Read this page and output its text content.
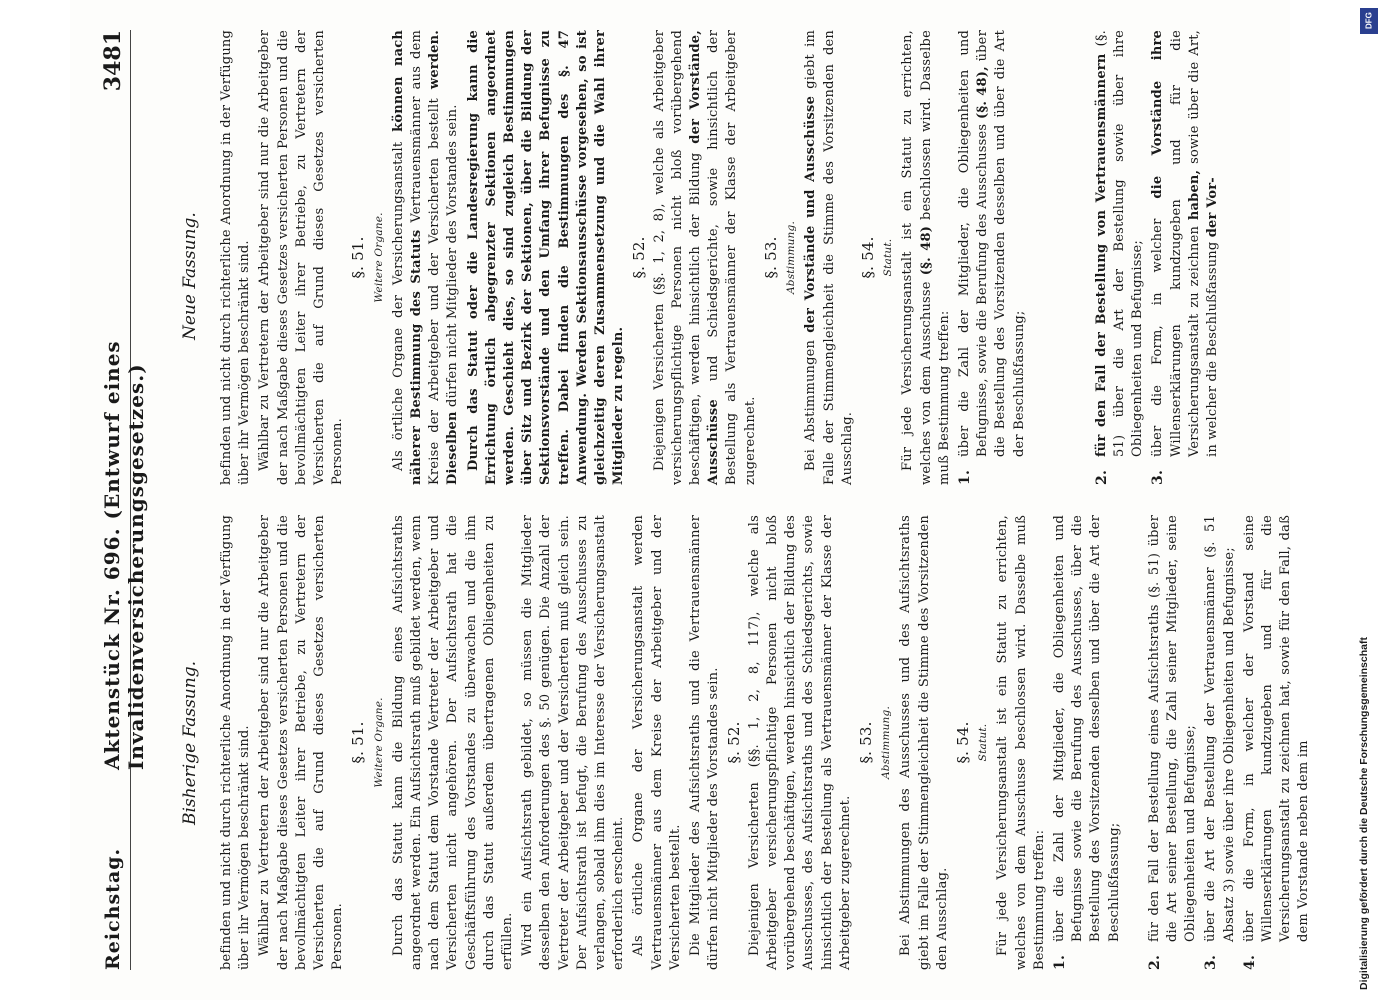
Reichstag.
Aktenstück Nr. 696. (Entwurf eines Invalidenversicherungsgesetzes.)
3481
Bisherige Fassung.
Neue Fassung.

befinden und nicht durch richterliche Anordnung in der Verfügung über ihr Vermögen beschränkt sind. Wählbar zu Vertretern der Arbeitgeber sind nur die Arbeitgeber der nach Maßgabe dieses Gesetzes versicherten Personen und die bevollmächtigten Leiter ihrer Betriebe, zu Vertretern der Versicherten die auf Grund dieses Gesetzes versicherten Personen.

§. 51. Weitere Organe. Durch das Statut kann die Bildung eines Aufsichtsraths angeordnet werden. Ein Aufsichtsrath muß gebildet werden, wenn nach dem Statut dem Vorstande Vertreter der Arbeitgeber und Versicherten nicht angehören. Der Aufsichtsrath hat die Geschäftsführung des Vorstandes zu überwachen und die ihm durch das Statut außerdem übertragenen Obliegenheiten zu erfüllen. Wird ein Aufsichtsrath gebildet, so müssen die Mitglieder desselben den Anforderungen des §. 50 genügen. Die Anzahl der Vertreter der Arbeitgeber und der Versicherten muß gleich sein. Der Aufsichtsrath ist befugt, die Berufung des Ausschusses zu verlangen, sobald ihm dies im Interesse der Versicherungsanstalt erforderlich erscheint. Als örtliche Organe der Versicherungsanstalt werden Vertrauensmänner aus dem Kreise der Arbeitgeber und der Versicherten bestellt. Die Mitglieder des Aufsichtsraths und die Vertrauensmänner dürfen nicht Mitglieder des Vorstandes sein. §. 52. Diejenigen Versicherten (§§. 1, 2, 8, 117), welche als Arbeitgeber versicherungspflichtige Personen nicht bloß vorübergehend beschäftigen, werden hinsichtlich der Bildung des Ausschusses, des Aufsichtsraths und des Schiedsgerichts, sowie hinsichtlich der Bestellung als Vertrauensmänner der Klasse der Arbeitgeber zugerechnet.

§. 53. Abstimmung. Bei Abstimmungen des Ausschusses und des Aufsichtsraths giebt im Falle der Stimmengleichheit die Stimme des Vorsitzenden den Ausschlag.

§. 54. Statut. Für jede Versicherungsanstalt ist ein Statut zu errichten, welches von dem Ausschusse beschlossen wird. Dasselbe muß Bestimmung treffen: 1.
über die Zahl der Mitglieder, die Obliegenheiten und Befugnisse sowie die Berufung des Ausschusses, über die Bestellung des Vorsitzenden desselben und über die Art der Beschlußfassung;
2.
für den Fall der Bestellung eines Aufsichtsraths (§. 51) über die Art seiner Bestellung, die Zahl seiner Mitglieder, seine Obliegenheiten und Befugnisse;
3.
über die Art der Bestellung der Vertrauensmänner (§. 51 Absatz 3) sowie über ihre Obliegenheiten und Befugnisse;
4.
über die Form, in welcher der Vorstand seine Willenserklärungen kundzugeben und für die Versicherungsanstalt zu zeichnen hat, sowie für den Fall, daß dem Vorstande neben dem im

befinden und nicht durch richterliche Anordnung in der Verfügung über ihr Vermögen beschränkt sind. Wählbar zu Vertretern der Arbeitgeber sind nur die Arbeitgeber der nach Maßgabe dieses Gesetzes versicherten Personen und die bevollmächtigten Leiter ihrer Betriebe, zu Vertretern der Versicherten die auf Grund dieses Gesetzes versicherten Personen.

§. 51. Weitere Organe. Als örtliche Organe der Versicherungsanstalt können nach näherer Bestimmung des Statuts Vertrauensmänner aus dem Kreise der Arbeitgeber und der Versicherten bestellt werden. Dieselben dürfen nicht Mitglieder des Vorstandes sein. Durch das Statut oder die Landesregierung kann die Errichtung örtlich abgegrenzter Sektionen angeordnet werden. Geschieht dies, so sind zugleich Bestimmungen über Sitz und Bezirk der Sektionen, über die Bildung der Sektionsvorstände und den Umfang ihrer Befugnisse zu treffen. Dabei finden die Bestimmungen des §. 47 Anwendung. Werden Sektionsausschüsse vorgesehen, so ist gleichzeitig deren Zusammensetzung und die Wahl ihrer Mitglieder zu regeln.

§. 52. Diejenigen Versicherten (§§. 1, 2, 8), welche als Arbeitgeber versicherungspflichtige Personen nicht bloß vorübergehend beschäftigen, werden hinsichtlich der Bildung der Vorstände, Ausschüsse und Schiedsgerichte, sowie hinsichtlich der Bestellung als Vertrauensmänner der Klasse der Arbeitgeber zugerechnet.

§. 53. Abstimmung.

Bei Abstimmungen der Vorstände und Ausschüsse giebt im Falle der Stimmengleichheit die Stimme des Vorsitzenden den Ausschlag.

§. 54. Statut. Für jede Versicherungsanstalt ist ein Statut zu errichten, welches von dem Ausschusse (§. 48) beschlossen wird. Dasselbe muß Bestimmung treffen: 1.
über die Zahl der Mitglieder, die Obliegenheiten und Befugnisse, sowie die Berufung des Ausschusses (§. 48), über die Bestellung des Vorsitzenden desselben und über die Art der Beschlußfassung;
2.
für den Fall der Bestellung von Vertrauensmännern (§. 51) über die Art der Bestellung sowie über ihre Obliegenheiten und Befugnisse;
3.
über die Form, in welcher die Vorstände ihre Willenserklärungen kundzugeben und für die Versicherungsanstalt zu zeichnen haben, sowie über die Art, in welcher die Beschlußfassung der Vor-
DFG
Digitalisierung gefördert durch die Deutsche Forschungsgemeinschaft
